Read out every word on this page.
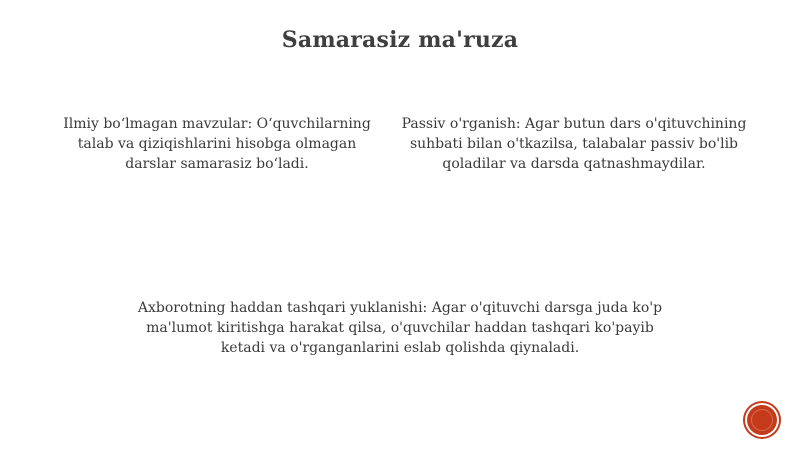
Samarasiz ma'ruza
Ilmiy bo‘lmagan mavzular: O‘quvchilarning talab va qiziqishlarini hisobga olmagan darslar samarasiz bo‘ladi.
Passiv o'rganish: Agar butun dars o'qituvchining suhbati bilan o'tkazilsa, talabalar passiv bo'lib qoladilar va darsda qatnashmaydilar.
Axborotning haddan tashqari yuklanishi: Agar o'qituvchi darsga juda ko'p ma'lumot kiritishga harakat qilsa, o'quvchilar haddan tashqari ko'payib ketadi va o'rganganlarini eslab qolishda qiynaladi.
